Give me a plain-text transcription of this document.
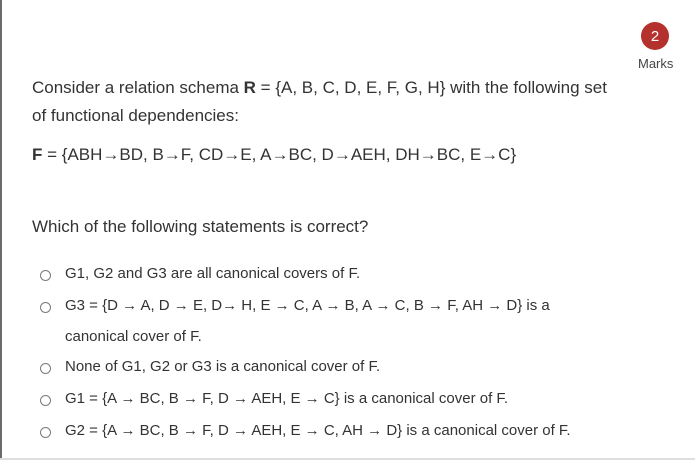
2
Marks
Consider a relation schema R = {A, B, C, D, E, F, G, H} with the following set of functional dependencies:
F = {ABH→BD, B→F, CD→E, A→BC, D→AEH, DH→BC, E→C}
Which of the following statements is correct?
G1, G2 and G3 are all canonical covers of F.
G3 = {D → A, D → E, D→ H, E → C, A → B, A → C, B → F, AH → D} is a canonical cover of F.
None of G1, G2 or G3 is a canonical cover of F.
G1 = {A → BC, B → F, D → AEH, E → C} is a canonical cover of F.
G2 = {A → BC, B → F, D → AEH, E → C, AH → D} is a canonical cover of F.
